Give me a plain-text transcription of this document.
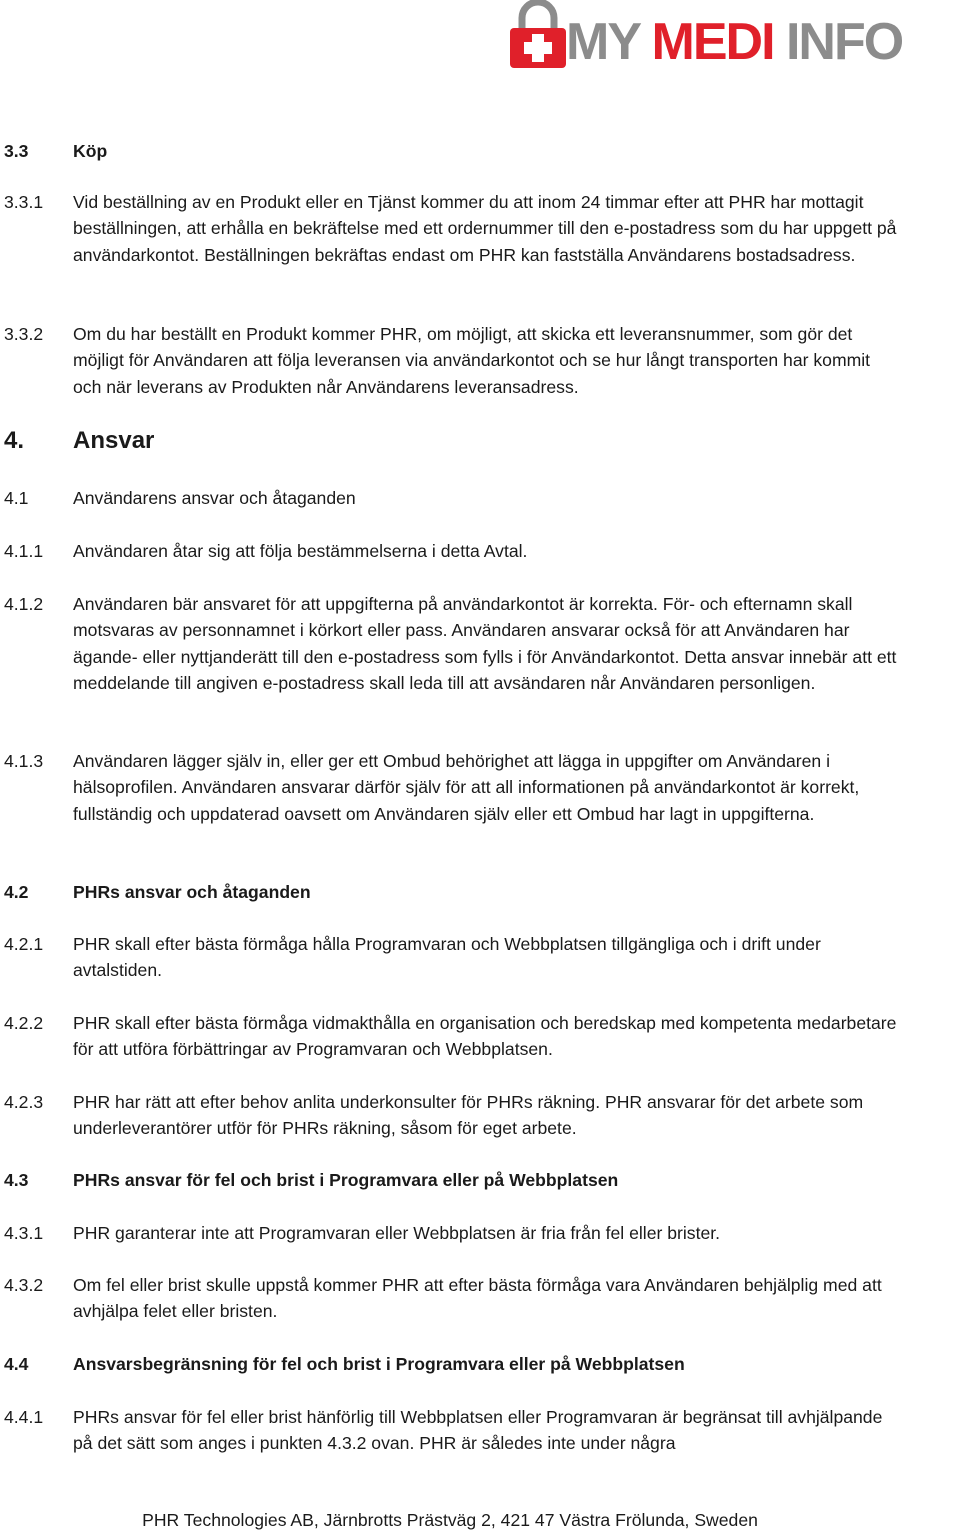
MY MEDI INFO
3.3	Köp
3.3.1 Vid beställning av en Produkt eller en Tjänst kommer du att inom 24 timmar efter att PHR har mottagit beställningen, att erhålla en bekräftelse med ett ordernummer till den e-postadress som du har uppgett på användarkontot. Beställningen bekräftas endast om PHR kan fastställa Användarens bostadsadress.
3.3.2 Om du har beställt en Produkt kommer PHR, om möjligt, att skicka ett leveransnummer, som gör det möjligt för Användaren att följa leveransen via användarkontot och se hur långt transporten har kommit och när leverans av Produkten når Användarens leveransadress.
4. Ansvar
4.1	Användarens ansvar och åtaganden
4.1.1 Användaren åtar sig att följa bestämmelserna i detta Avtal.
4.1.2 Användaren bär ansvaret för att uppgifterna på användarkontot är korrekta. För- och efternamn skall motsvaras av personnamnet i körkort eller pass. Användaren ansvarar också för att Användaren har ägande- eller nyttjanderätt till den e-postadress som fylls i för Användarkontot. Detta ansvar innebär att ett meddelande till angiven e-postadress skall leda till att avsändaren når Användaren personligen.
4.1.3 Användaren lägger själv in, eller ger ett Ombud behörighet att lägga in uppgifter om Användaren i hälsoprofilen. Användaren ansvarar därför själv för att all informationen på användarkontot är korrekt, fullständig och uppdaterad oavsett om Användaren själv eller ett Ombud har lagt in uppgifterna.
4.2	PHRs ansvar och åtaganden
4.2.1 PHR skall efter bästa förmåga hålla Programvaran och Webbplatsen tillgängliga och i drift under avtalstiden.
4.2.2 PHR skall efter bästa förmåga vidmakthålla en organisation och beredskap med kompetenta medarbetare för att utföra förbättringar av Programvaran och Webbplatsen.
4.2.3 PHR har rätt att efter behov anlita underkonsulter för PHRs räkning. PHR ansvarar för det arbete som underleverantörer utför för PHRs räkning, såsom för eget arbete.
4.3	PHRs ansvar för fel och brist i Programvara eller på Webbplatsen
4.3.1 PHR garanterar inte att Programvaran eller Webbplatsen är fria från fel eller brister.
4.3.2 Om fel eller brist skulle uppstå kommer PHR att efter bästa förmåga vara Användaren behjälplig med att avhjälpa felet eller bristen.
4.4	Ansvarsbegränsning för fel och brist i Programvara eller på Webbplatsen
4.4.1 PHRs ansvar för fel eller brist hänförlig till Webbplatsen eller Programvaran är begränsat till avhjälpande på det sätt som anges i punkten 4.3.2 ovan. PHR är således inte under några
PHR Technologies AB, Järnbrotts Prästväg 2, 421 47 Västra Frölunda, Sweden
